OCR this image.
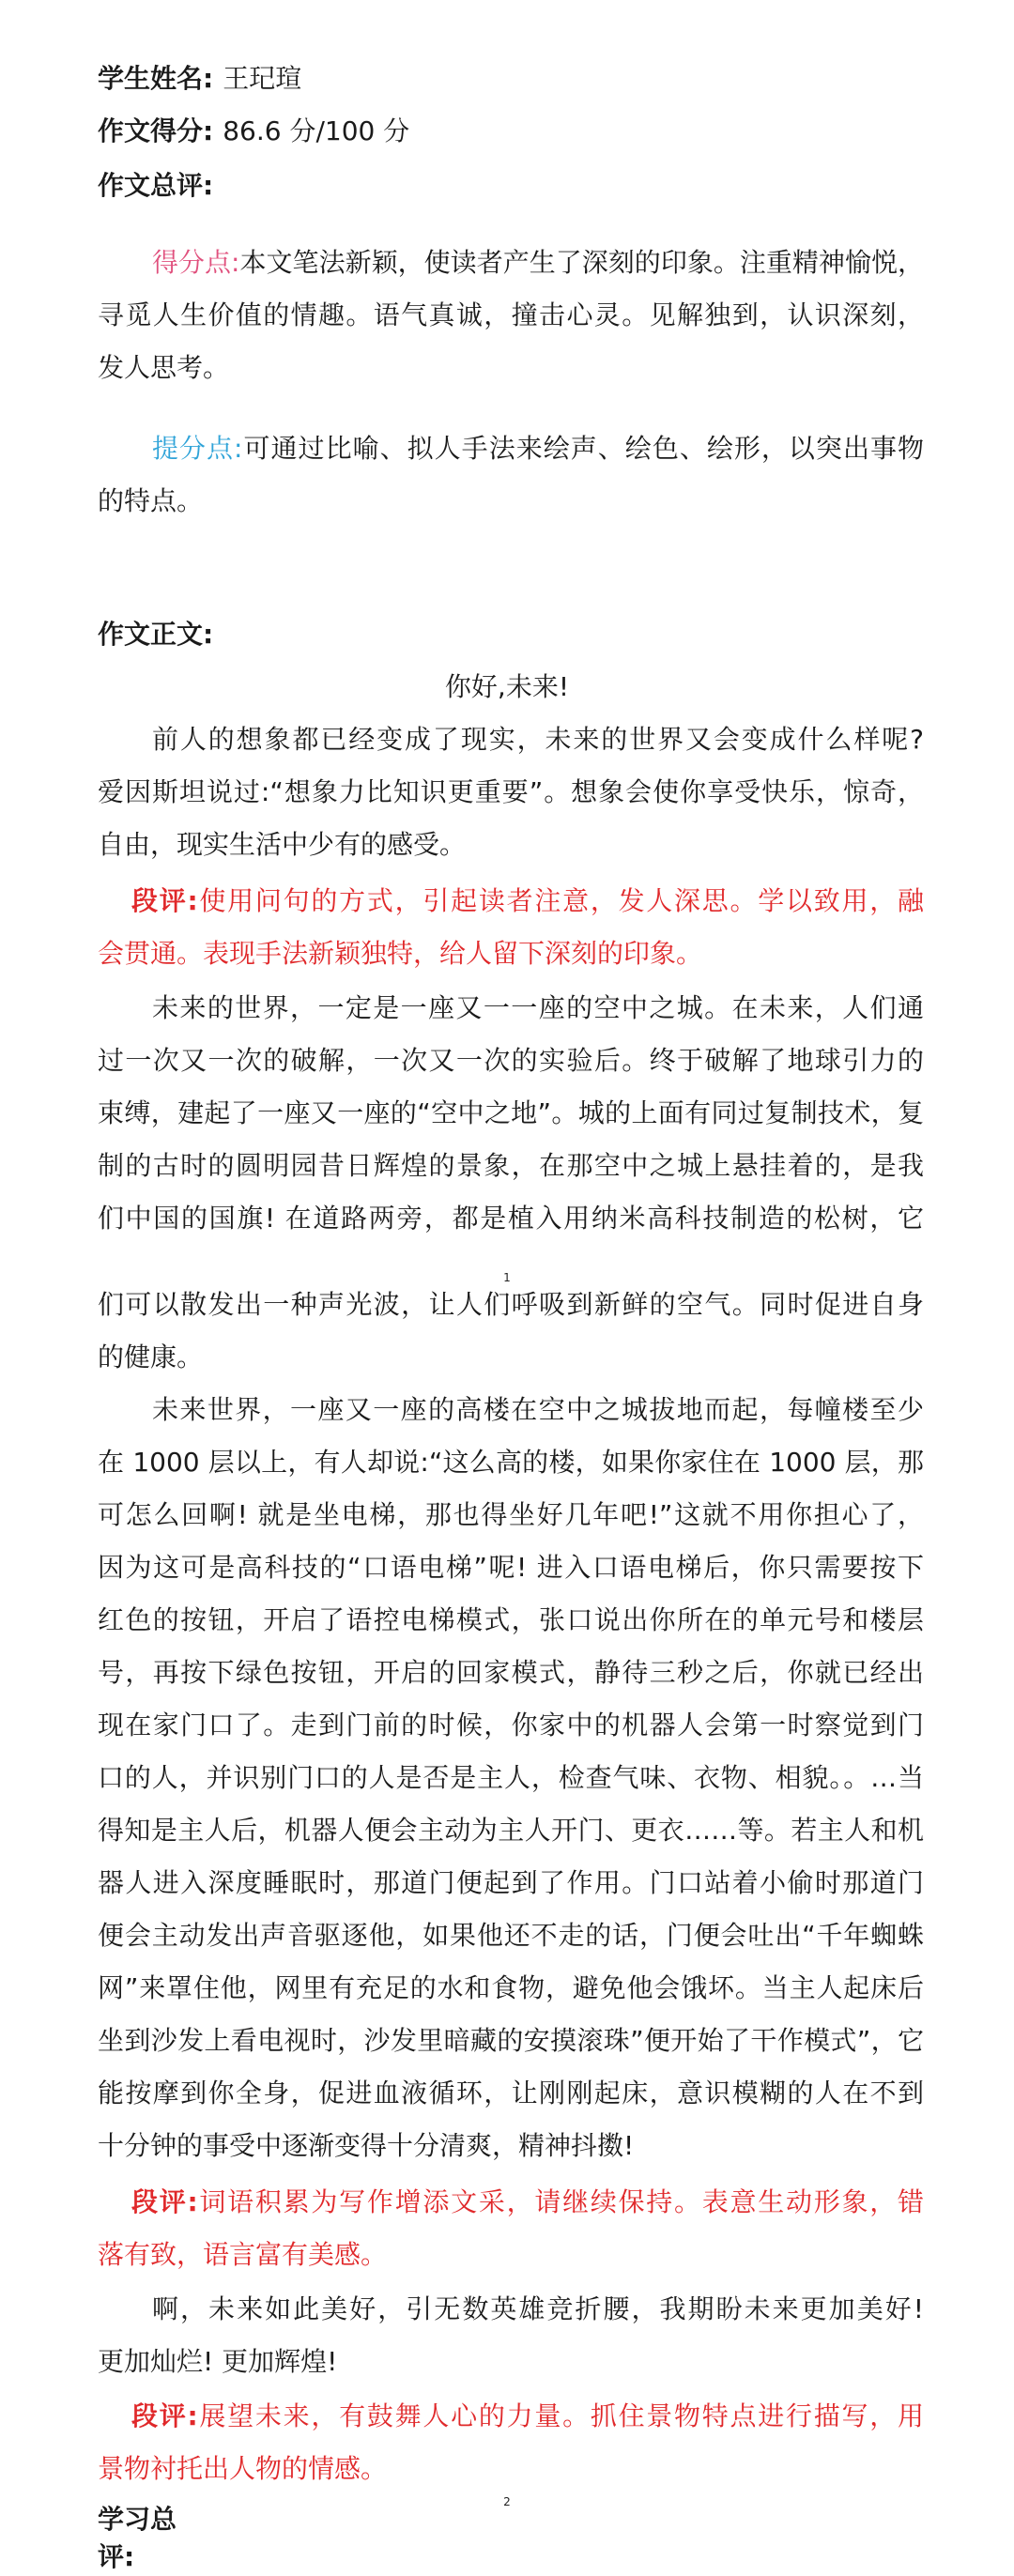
学生姓名: 王玘瑄
作文得分: 86.6 分/100 分
作文总评:
得分点:本文笔法新颖，使读者产生了深刻的印象。注重精神愉悦，
寻觅人生价值的情趣。语气真诚，撞击心灵。见解独到，认识深刻，
发人思考。
提分点:可通过比喻、拟人手法来绘声、绘色、绘形，以突出事物
的特点。
作文正文:
你好,未来!
前人的想象都已经变成了现实，未来的世界又会变成什么样呢?
爱因斯坦说过:“想象力比知识更重要”。想象会使你享受快乐，惊奇，
自由，现实生活中少有的感受。
段评:使用问句的方式，引起读者注意，发人深思。学以致用，融
会贯通。表现手法新颖独特，给人留下深刻的印象。
未来的世界，一定是一座又一一座的空中之城。在未来，人们通
过一次又一次的破解，一次又一次的实验后。终于破解了地球引力的
束缚，建起了一座又一座的“空中之地”。城的上面有同过复制技术，复
制的古时的圆明园昔日辉煌的景象，在那空中之城上悬挂着的，是我
们中国的国旗! 在道路两旁，都是植入用纳米高科技制造的松树，它
1
们可以散发出一种声光波，让人们呼吸到新鲜的空气。同时促进自身
的健康。
未来世界，一座又一座的高楼在空中之城拔地而起，每幢楼至少
在 1000 层以上，有人却说:“这么高的楼，如果你家住在 1000 层，那
可怎么回啊! 就是坐电梯，那也得坐好几年吧!”这就不用你担心了，
因为这可是高科技的“口语电梯”呢! 进入口语电梯后，你只需要按下
红色的按钮，开启了语控电梯模式，张口说出你所在的单元号和楼层
号，再按下绿色按钮，开启的回家模式，静待三秒之后，你就已经出
现在家门口了。走到门前的时候，你家中的机器人会第一时察觉到门
口的人，并识别门口的人是否是主人，检查气味、衣物、相貌。。…当
得知是主人后，机器人便会主动为主人开门、更衣……等。若主人和机
器人进入深度睡眠时，那道门便起到了作用。门口站着小偷时那道门
便会主动发出声音驱逐他，如果他还不走的话，门便会吐出“千年蜘蛛
网”来罩住他，网里有充足的水和食物，避免他会饿坏。当主人起床后
坐到沙发上看电视时，沙发里暗藏的安摸滚珠”便开始了干作模式”，它
能按摩到你全身，促进血液循环，让刚刚起床，意识模糊的人在不到
十分钟的事受中逐渐变得十分清爽，精神抖擞!
段评:词语积累为写作增添文采，请继续保持。表意生动形象，错
落有致，语言富有美感。
啊，未来如此美好，引无数英雄竞折腰，我期盼未来更加美好!
更加灿烂! 更加辉煌!
段评:展望未来，有鼓舞人心的力量。抓住景物特点进行描写，用
景物衬托出人物的情感。
学习总评:
2
